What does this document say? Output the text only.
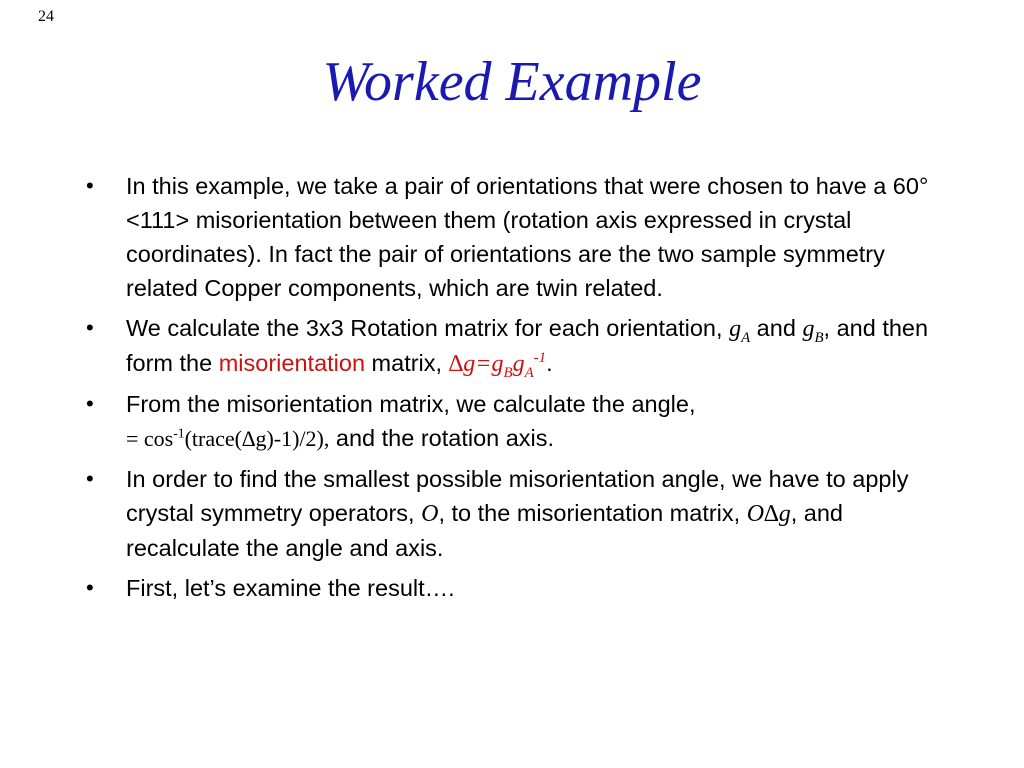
24
Worked Example
• In this example, we take a pair of orientations that were chosen to have a 60° <111> misorientation between them (rotation axis expressed in crystal coordinates). In fact the pair of orientations are the two sample symmetry related Copper components, which are twin related.
• We calculate the 3x3 Rotation matrix for each orientation, $g_A$ and $g_B$, and then form the misorientation matrix, $\Delta g=g_Bg_A^{-1}$.
• From the misorientation matrix, we calculate the angle,
= $\cos^{-1}(trace(\Delta g)-1)/2$), and the rotation axis.
• In order to find the smallest possible misorientation angle, we have to apply crystal symmetry operators, O, to the misorientation matrix, O∆g, and recalculate the angle and axis.
• First, let’s examine the result….
